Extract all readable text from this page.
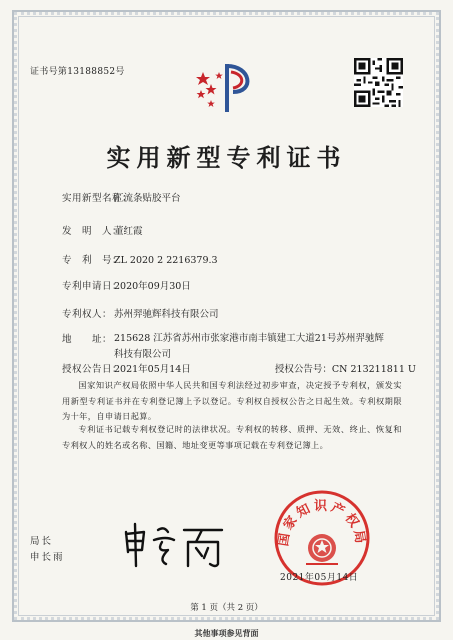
证书号第13188852号
实用新型专利证书
实用新型名称：汇流条贴胶平台
发　明　人：董红霞
专　利　号：ZL 2020 2 2216379.3
专利申请日：2020年09月30日
专利权人： 苏州羿驰辉科技有限公司
地　　址： 215628 江苏省苏州市张家港市南丰镇建工大道21号苏州羿驰辉科技有限公司
授权公告日：2021年05月14日	授权公告号：CN 213211811 U
国家知识产权局依照中华人民共和国专利法经过初步审查，决定授予专利权，颁发实用新型专利证书并在专利登记簿上予以登记。专利权自授权公告之日起生效。专利权期限为十年，自申请日起算。
专利证书记载专利权登记时的法律状况。专利权的转移、质押、无效、终止、恢复和专利权人的姓名或名称、国籍、地址变更等事项记载在专利登记簿上。
局长
申长雨
国家知识产权局
2021年05月14日
第 1 页（共 2 页）
其他事项参见背面
